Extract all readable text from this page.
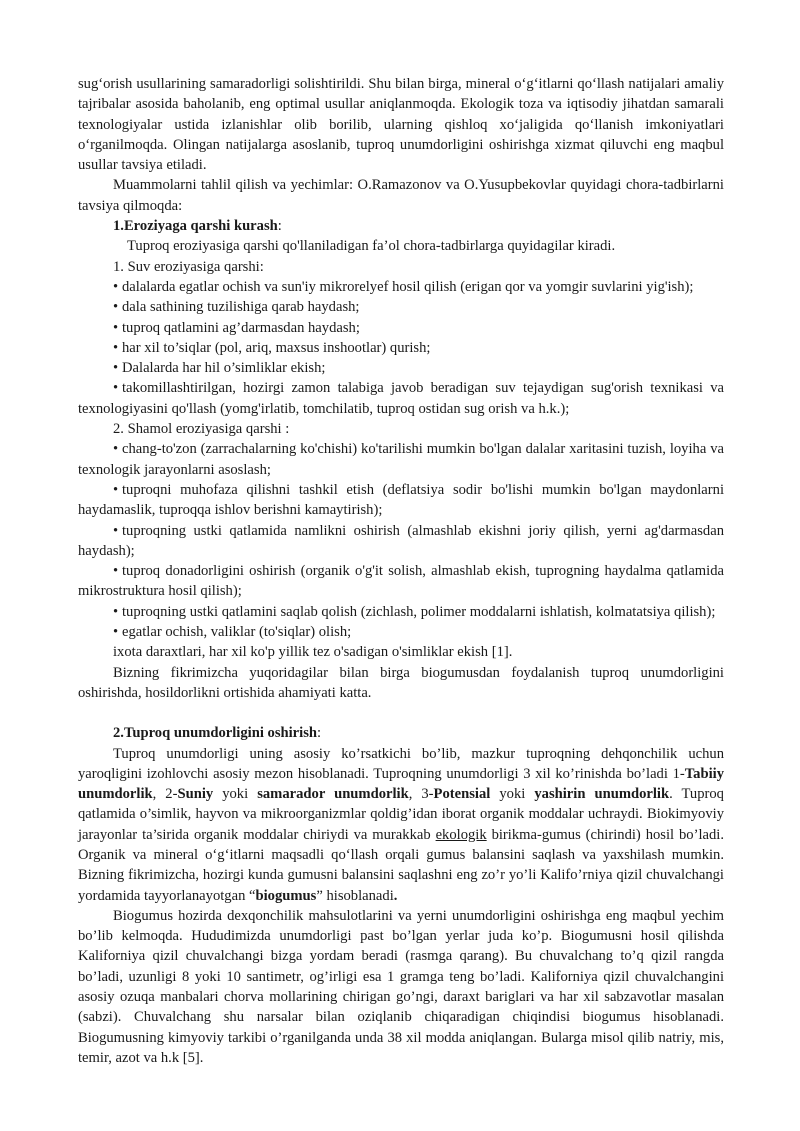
sug‘orish usullarining samaradorligi solishtirildi. Shu bilan birga, mineral o‘g‘itlarni qo‘llash natijalari amaliy tajribalar asosida baholanib, eng optimal usullar aniqlanmoqda. Ekologik toza va iqtisodiy jihatdan samarali texnologiyalar ustida izlanishlar olib borilib, ularning qishloq xo‘jaligida qo‘llanish imkoniyatlari o‘rganilmoqda. Olingan natijalarga asoslanib, tuproq unumdorligini oshirishga xizmat qiluvchi eng maqbul usullar tavsiya etiladi.

Muammolarni tahlil qilish va yechimlar: O.Ramazonov va O.Yusupbekovlar quyidagi chora-tadbirlarni tavsiya qilmoqda:

1.Eroziyaga qarshi kurash:

Tuproq eroziyasiga qarshi qo'llaniladigan fa’ol chora-tadbirlarga quyidagilar kiradi.

1. Suv eroziyasiga qarshi:

• dalalarda egatlar ochish va sun'iy mikrorelyef hosil qilish (erigan qor va yomgir suvlarini yig'ish);

• dala sathining tuzilishiga qarab haydash;

• tuproq qatlamini ag’darmasdan haydash;

• har xil to’siqlar (pol, ariq, maxsus inshootlar) qurish;

• Dalalarda har hil o’simliklar ekish;

• takomillashtirilgan, hozirgi zamon talabiga javob beradigan suv tejaydigan sug'orish texnikasi va texnologiyasini qo'llash (yomg'irlatib, tomchilatib, tuproq ostidan sug orish va h.k.);

2. Shamol eroziyasiga qarshi :

• chang-to'zon (zarrachalarning ko'chishi) ko'tarilishi mumkin bo'lgan dalalar xaritasini tuzish, loyiha va texnologik jarayonlarni asoslash;

• tuproqni muhofaza qilishni tashkil etish (deflatsiya sodir bo'lishi mumkin bo'lgan maydonlarni haydamaslik, tuproqqa ishlov berishni kamaytirish);

• tuproqning ustki qatlamida namlikni oshirish (almashlab ekishni joriy qilish, yerni ag'darmasdan haydash);

• tuproq donadorligini oshirish (organik o'g'it solish, almashlab ekish, tuprogning haydalma qatlamida mikrostruktura hosil qilish);

• tuproqning ustki qatlamini saqlab qolish (zichlash, polimer moddalarni ishlatish, kolmatatsiya qilish);

• egatlar ochish, valiklar (to'siqlar) olish;

ixota daraxtlari, har xil ko'p yillik tez o'sadigan o'simliklar ekish [1].

Bizning fikrimizcha yuqoridagilar bilan birga biogumusdan foydalanish tuproq unumdorligini oshirishda, hosildorlikni ortishida ahamiyati katta.

2.Tuproq unumdorligini oshirish:

Tuproq unumdorligi uning asosiy ko’rsatkichi bo’lib, mazkur tuproqning dehqonchilik uchun yaroqligini izohlovchi asosiy mezon hisoblanadi. Tuproqning unumdorligi 3 xil ko’rinishda bo’ladi 1-Tabiiy unumdorlik, 2-Suniy yoki samarador unumdorlik, 3-Potensial yoki yashirin unumdorlik. Tuproq qatlamida o’simlik, hayvon va mikroorganizmlar qoldig’idan iborat organik moddalar uchraydi. Biokimyoviy jarayonlar ta’sirida organik moddalar chiriydi va murakkab ekologik birikma-gumus (chirindi) hosil bo’ladi. Organik va mineral o‘g‘itlarni maqsadli qo‘llash orqali gumus balansini saqlash va yaxshilash mumkin. Bizning fikrimizcha, hozirgi kunda gumusni balansini saqlashni eng zo’r yo’li Kalifo’rniya qizil chuvalchangi yordamida tayyorlanayotgan “biogumus” hisoblanadi.

Biogumus hozirda dexqonchilik mahsulotlarini va yerni unumdorligini oshirishga eng maqbul yechim bo’lib kelmoqda. Hududimizda unumdorligi past bo’lgan yerlar juda ko’p. Biogumusni hosil qilishda Kaliforniya qizil chuvalchangi bizga yordam beradi (rasmga qarang). Bu chuvalchang to’q qizil rangda bo’ladi, uzunligi 8 yoki 10 santimetr, og’irligi esa 1 gramga teng bo’ladi. Kaliforniya qizil chuvalchangini asosiy ozuqa manbalari chorva mollarining chirigan go’ngi, daraxt bariglari va har xil sabzavotlar masalan (sabzi). Chuvalchang shu narsalar bilan oziqlanib chiqaradigan chiqindisi biogumus hisoblanadi. Biogumusning kimyoviy tarkibi o’rganilganda unda 38 xil modda aniqlangan. Bularga misol qilib natriy, mis, temir, azot va h.k [5].
